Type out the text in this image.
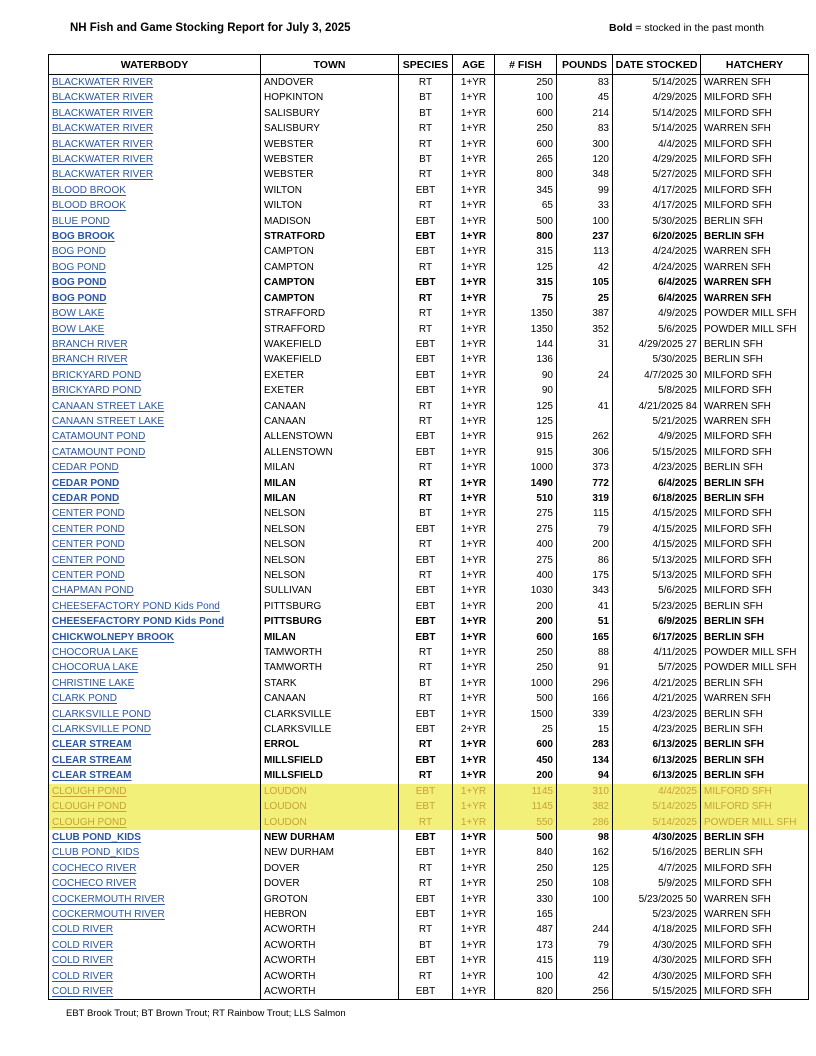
NH Fish and Game Stocking Report for July 3, 2025	Bold = stocked in the past month
WATERBODY	TOWN	SPECIES	AGE	# FISH	POUNDS	DATE STOCKED	HATCHERY
BLACKWATER RIVER	ANDOVER	RT	1+YR	250	83	5/14/2025	WARREN SFH
BLACKWATER RIVER	HOPKINTON	BT	1+YR	100	45	4/29/2025	MILFORD SFH
BLACKWATER RIVER	SALISBURY	BT	1+YR	600	214	5/14/2025	MILFORD SFH
BLACKWATER RIVER	SALISBURY	RT	1+YR	250	83	5/14/2025	WARREN SFH
BLACKWATER RIVER	WEBSTER	RT	1+YR	600	300	4/4/2025	MILFORD SFH
BLACKWATER RIVER	WEBSTER	BT	1+YR	265	120	4/29/2025	MILFORD SFH
BLACKWATER RIVER	WEBSTER	RT	1+YR	800	348	5/27/2025	MILFORD SFH
BLOOD BROOK	WILTON	EBT	1+YR	345	99	4/17/2025	MILFORD SFH
BLOOD BROOK	WILTON	RT	1+YR	65	33	4/17/2025	MILFORD SFH
BLUE POND	MADISON	EBT	1+YR	500	100	5/30/2025	BERLIN SFH
BOG BROOK	STRATFORD	EBT	1+YR	800	237	6/20/2025	BERLIN SFH
BOG POND	CAMPTON	EBT	1+YR	315	113	4/24/2025	WARREN SFH
BOG POND	CAMPTON	RT	1+YR	125	42	4/24/2025	WARREN SFH
BOG POND	CAMPTON	EBT	1+YR	315	105	6/4/2025	WARREN SFH
BOG POND	CAMPTON	RT	1+YR	75	25	6/4/2025	WARREN SFH
BOW LAKE	STRAFFORD	RT	1+YR	1350	387	4/9/2025	POWDER MILL SFH
BOW LAKE	STRAFFORD	RT	1+YR	1350	352	5/6/2025	POWDER MILL SFH
BRANCH RIVER	WAKEFIELD	EBT	1+YR	144	31	4/29/2025 27	BERLIN SFH
BRANCH RIVER	WAKEFIELD	EBT	1+YR	136		5/30/2025	BERLIN SFH
BRICKYARD POND	EXETER	EBT	1+YR	90	24	4/7/2025 30	MILFORD SFH
BRICKYARD POND	EXETER	EBT	1+YR	90		5/8/2025	MILFORD SFH
CANAAN STREET LAKE	CANAAN	RT	1+YR	125	41	4/21/2025 84	WARREN SFH
CANAAN STREET LAKE	CANAAN	RT	1+YR	125		5/21/2025	WARREN SFH
CATAMOUNT POND	ALLENSTOWN	EBT	1+YR	915	262	4/9/2025	MILFORD SFH
CATAMOUNT POND	ALLENSTOWN	EBT	1+YR	915	306	5/15/2025	MILFORD SFH
CEDAR POND	MILAN	RT	1+YR	1000	373	4/23/2025	BERLIN SFH
CEDAR POND	MILAN	RT	1+YR	1490	772	6/4/2025	BERLIN SFH
CEDAR POND	MILAN	RT	1+YR	510	319	6/18/2025	BERLIN SFH
CENTER POND	NELSON	BT	1+YR	275	115	4/15/2025	MILFORD SFH
CENTER POND	NELSON	EBT	1+YR	275	79	4/15/2025	MILFORD SFH
CENTER POND	NELSON	RT	1+YR	400	200	4/15/2025	MILFORD SFH
CENTER POND	NELSON	EBT	1+YR	275	86	5/13/2025	MILFORD SFH
CENTER POND	NELSON	RT	1+YR	400	175	5/13/2025	MILFORD SFH
CHAPMAN POND	SULLIVAN	EBT	1+YR	1030	343	5/6/2025	MILFORD SFH
CHEESEFACTORY POND Kids Pond	PITTSBURG	EBT	1+YR	200	41	5/23/2025	BERLIN SFH
CHEESEFACTORY POND Kids Pond	PITTSBURG	EBT	1+YR	200	51	6/9/2025	BERLIN SFH
CHICKWOLNEPY BROOK	MILAN	EBT	1+YR	600	165	6/17/2025	BERLIN SFH
CHOCORUA LAKE	TAMWORTH	RT	1+YR	250	88	4/11/2025	POWDER MILL SFH
CHOCORUA LAKE	TAMWORTH	RT	1+YR	250	91	5/7/2025	POWDER MILL SFH
CHRISTINE LAKE	STARK	BT	1+YR	1000	296	4/21/2025	BERLIN SFH
CLARK POND	CANAAN	RT	1+YR	500	166	4/21/2025	WARREN SFH
CLARKSVILLE POND	CLARKSVILLE	EBT	1+YR	1500	339	4/23/2025	BERLIN SFH
CLARKSVILLE POND	CLARKSVILLE	EBT	2+YR	25	15	4/23/2025	BERLIN SFH
CLEAR STREAM	ERROL	RT	1+YR	600	283	6/13/2025	BERLIN SFH
CLEAR STREAM	MILLSFIELD	EBT	1+YR	450	134	6/13/2025	BERLIN SFH
CLEAR STREAM	MILLSFIELD	RT	1+YR	200	94	6/13/2025	BERLIN SFH
CLOUGH POND	LOUDON	EBT	1+YR	1145	310	4/4/2025	MILFORD SFH
CLOUGH POND	LOUDON	EBT	1+YR	1145	382	5/14/2025	MILFORD SFH
CLOUGH POND	LOUDON	RT	1+YR	550	286	5/14/2025	POWDER MILL SFH
CLUB POND_KIDS	NEW DURHAM	EBT	1+YR	500	98	4/30/2025	BERLIN SFH
CLUB POND_KIDS	NEW DURHAM	EBT	1+YR	840	162	5/16/2025	BERLIN SFH
COCHECO RIVER	DOVER	RT	1+YR	250	125	4/7/2025	MILFORD SFH
COCHECO RIVER	DOVER	RT	1+YR	250	108	5/9/2025	MILFORD SFH
COCKERMOUTH RIVER	GROTON	EBT	1+YR	330	100	5/23/2025 50	WARREN SFH
COCKERMOUTH RIVER	HEBRON	EBT	1+YR	165		5/23/2025	WARREN SFH
COLD RIVER	ACWORTH	RT	1+YR	487	244	4/18/2025	MILFORD SFH
COLD RIVER	ACWORTH	BT	1+YR	173	79	4/30/2025	MILFORD SFH
COLD RIVER	ACWORTH	EBT	1+YR	415	119	4/30/2025	MILFORD SFH
COLD RIVER	ACWORTH	RT	1+YR	100	42	4/30/2025	MILFORD SFH
COLD RIVER	ACWORTH	EBT	1+YR	820	256	5/15/2025	MILFORD SFH
EBT Brook Trout; BT Brown Trout; RT Rainbow Trout; LLS Salmon
